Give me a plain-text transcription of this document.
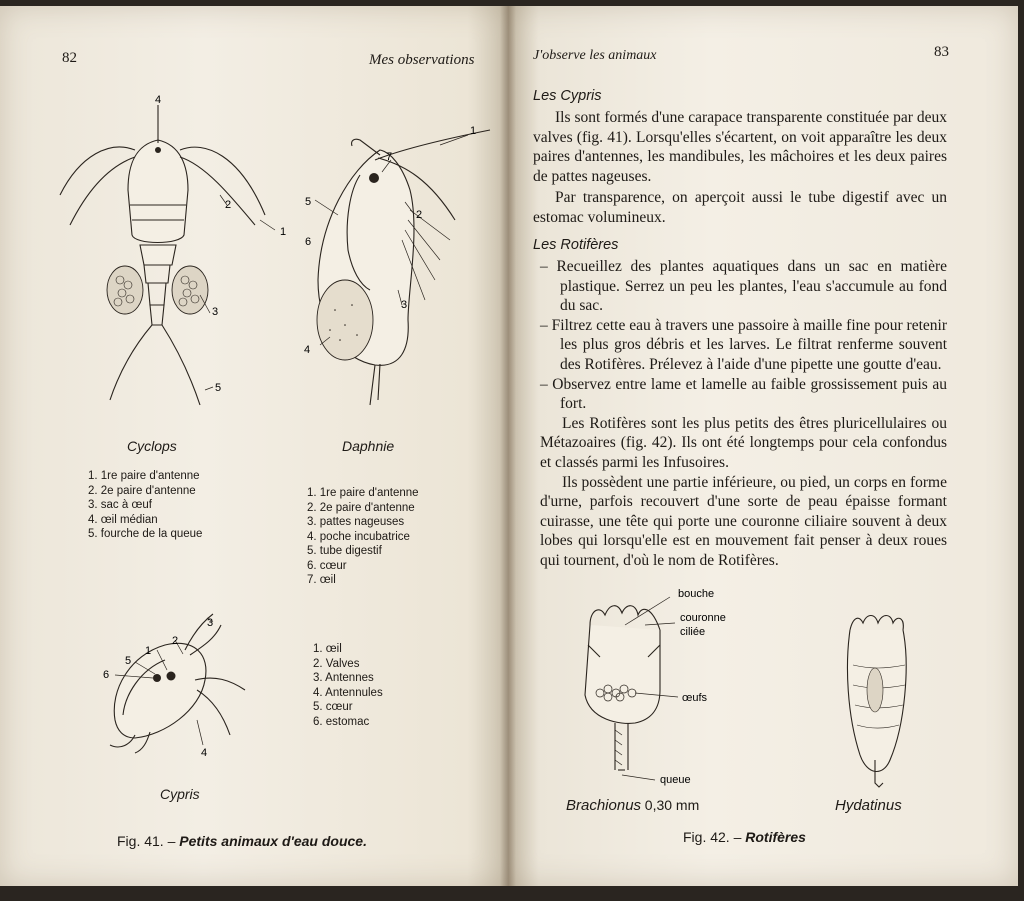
82	Mes observations
4
2
1
3
5
Cyclops
1. 1re paire d'antenne
2. 2e paire d'antenne
3. sac à œuf
4. œil médian
5. fourche de la queue
1
7
2
5
6
3
4
Daphnie
1. 1re paire d'antenne
2. 2e paire d'antenne
3. pattes nageuses
4. poche incubatrice
5. tube digestif
6. cœur
7. œil
6
5
1
2
3
4
Cypris
1. œil
2. Valves
3. Antennes
4. Antennules
5. cœur
6. estomac
Fig. 41. – Petits animaux d'eau douce.
J'observe les animaux	83
Les Cypris

Ils sont formés d'une carapace transparente constituée par deux valves (fig. 41). Lorsqu'elles s'écartent, on voit apparaître les deux paires d'antennes, les mandibules, les mâchoires et les deux paires de pattes nageuses.

Par transparence, on aperçoit aussi le tube digestif avec un estomac volumineux.

Les Rotifères

– Recueillez des plantes aquatiques dans un sac en matière plastique. Serrez un peu les plantes, l'eau s'accumule au fond du sac.

– Filtrez cette eau à travers une passoire à maille fine pour retenir les plus gros débris et les larves. Le filtrat renferme souvent des Rotifères. Prélevez à l'aide d'une pipette une goutte d'eau.

– Observez entre lame et lamelle au faible grossissement puis au fort.

Les Rotifères sont les plus petits des êtres pluricellulaires ou Métazoaires (fig. 42). Ils ont été longtemps pour cela confondus et classés parmi les Infusoires.

Ils possèdent une partie inférieure, ou pied, un corps en forme d'urne, parfois recouvert d'une sorte de peau épaisse formant cuirasse, une tête qui porte une couronne ciliaire souvent à deux lobes qui lorsqu'elle est en mouvement fait penser à deux roues qui tournent, d'où le nom de Rotifères.

bouche
couronne
ciliée
œufs
queue
Brachionus 0,30 mm	Hydatinus
Fig. 42. – Rotifères
